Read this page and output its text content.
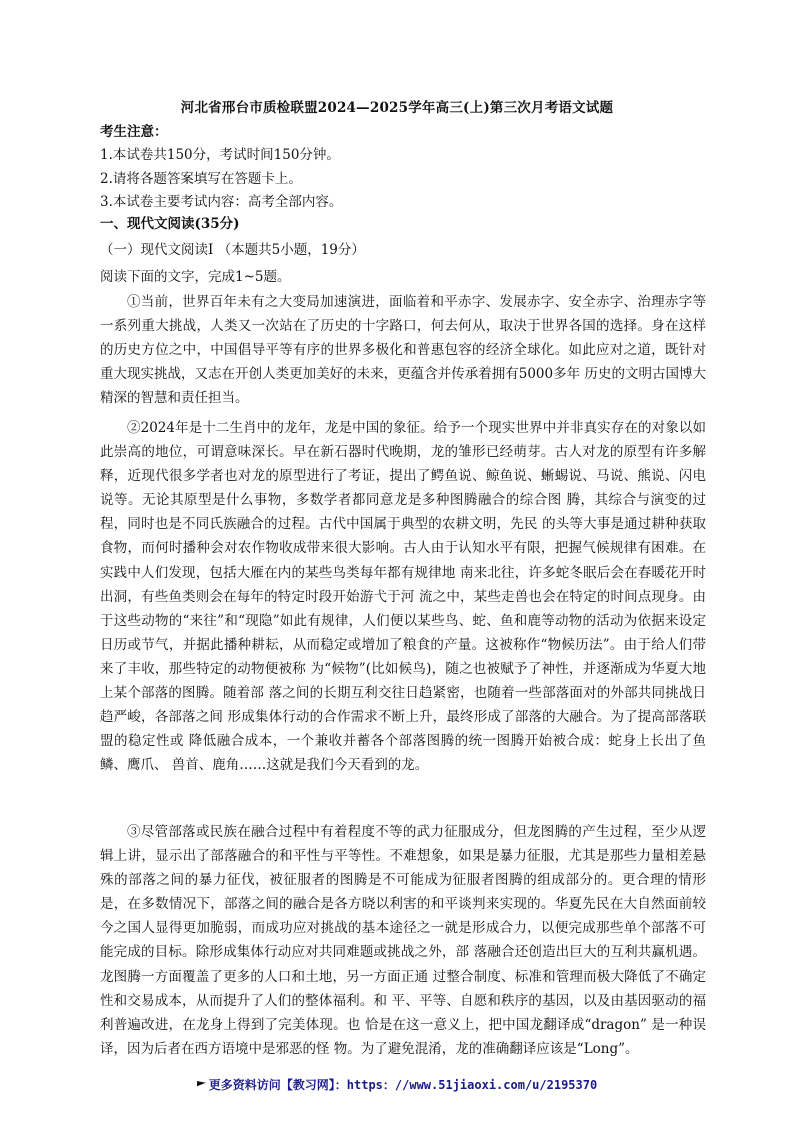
河北省邢台市质检联盟2024—2025学年高三(上)第三次月考语文试题
考生注意：
1.本试卷共150分，考试时间150分钟。
2.请将各题答案填写在答题卡上。
3.本试卷主要考试内容：高考全部内容。
一、现代文阅读(35分)
（一）现代文阅读Ⅰ （本题共5小题，19分）
阅读下面的文字，完成1~5题。

①当前，世界百年未有之大变局加速演进，面临着和平赤字、发展赤字、安全赤字、治理赤字等一系列重大挑战，人类又一次站在了历史的十字路口，何去何从，取决于世界各国的选择。身在这样的历史方位之中，中国倡导平等有序的世界多极化和普惠包容的经济全球化。如此应对之道，既针对重大现实挑战，又志在开创人类更加美好的未来，更蕴含并传承着拥有5000多年 历史的文明古国博大精深的智慧和责任担当。

②2024年是十二生肖中的龙年，龙是中国的象征。给予一个现实世界中并非真实存在的对象以如此崇高的地位，可谓意味深长。早在新石器时代晚期，龙的雏形已经萌芽。古人对龙的原型有许多解释，近现代很多学者也对龙的原型进行了考证，提出了鳄鱼说、鲸鱼说、蜥蜴说、马说、熊说、闪电说等。无论其原型是什么事物，多数学者都同意龙是多种图腾融合的综合图 腾，其综合与演变的过程，同时也是不同氏族融合的过程。古代中国属于典型的农耕文明，先民 的头等大事是通过耕种获取食物，而何时播种会对农作物收成带来很大影响。古人由于认知水平有限，把握气候规律有困难。在实践中人们发现，包括大雁在内的某些鸟类每年都有规律地 南来北往，许多蛇冬眠后会在春暖花开时出洞，有些鱼类则会在每年的特定时段开始游弋于河 流之中，某些走兽也会在特定的时间点现身。由于这些动物的“来往”和“现隐”如此有规律，人们便以某些鸟、蛇、鱼和鹿等动物的活动为依据来设定日历或节气，并据此播种耕耘，从而稳定或增加了粮食的产量。这被称作“物候历法”。由于给人们带来了丰收，那些特定的动物便被称 为“候物”(比如候鸟)，随之也被赋予了神性，并逐渐成为华夏大地上某个部落的图腾。随着部 落之间的长期互利交往日趋紧密，也随着一些部落面对的外部共同挑战日趋严峻，各部落之间 形成集体行动的合作需求不断上升，最终形成了部落的大融合。为了提高部落联盟的稳定性或 降低融合成本，一个兼收并蓄各个部落图腾的统一图腾开始被合成：蛇身上长出了鱼鳞、鹰爪、 兽首、鹿角……这就是我们今天看到的龙。

③尽管部落或民族在融合过程中有着程度不等的武力征服成分，但龙图腾的产生过程，至少从逻辑上讲，显示出了部落融合的和平性与平等性。不难想象，如果是暴力征服，尤其是那些力量相差悬殊的部落之间的暴力征伐，被征服者的图腾是不可能成为征服者图腾的组成部分的。更合理的情形是，在多数情况下，部落之间的融合是各方晓以利害的和平谈判来实现的。华夏先民在大自然面前较今之国人显得更加脆弱，而成功应对挑战的基本途径之一就是形成合力，以便完成那些单个部落不可能完成的目标。除形成集体行动应对共同难题或挑战之外，部 落融合还创造出巨大的互利共赢机遇。龙图腾一方面覆盖了更多的人口和土地，另一方面正通 过整合制度、标准和管理而极大降低了不确定性和交易成本，从而提升了人们的整体福利。和 平、平等、自愿和秩序的基因，以及由基因驱动的福利普遍改进，在龙身上得到了完美体现。也 恰是在这一意义上，把中国龙翻译成“dragon” 是一种误译，因为后者在西方语境中是邪恶的怪 物。为了避免混淆，龙的准确翻译应该是“Long”。

更多资料访问【教习网】：https：//www.51jiaoxi.com/u/2195370
